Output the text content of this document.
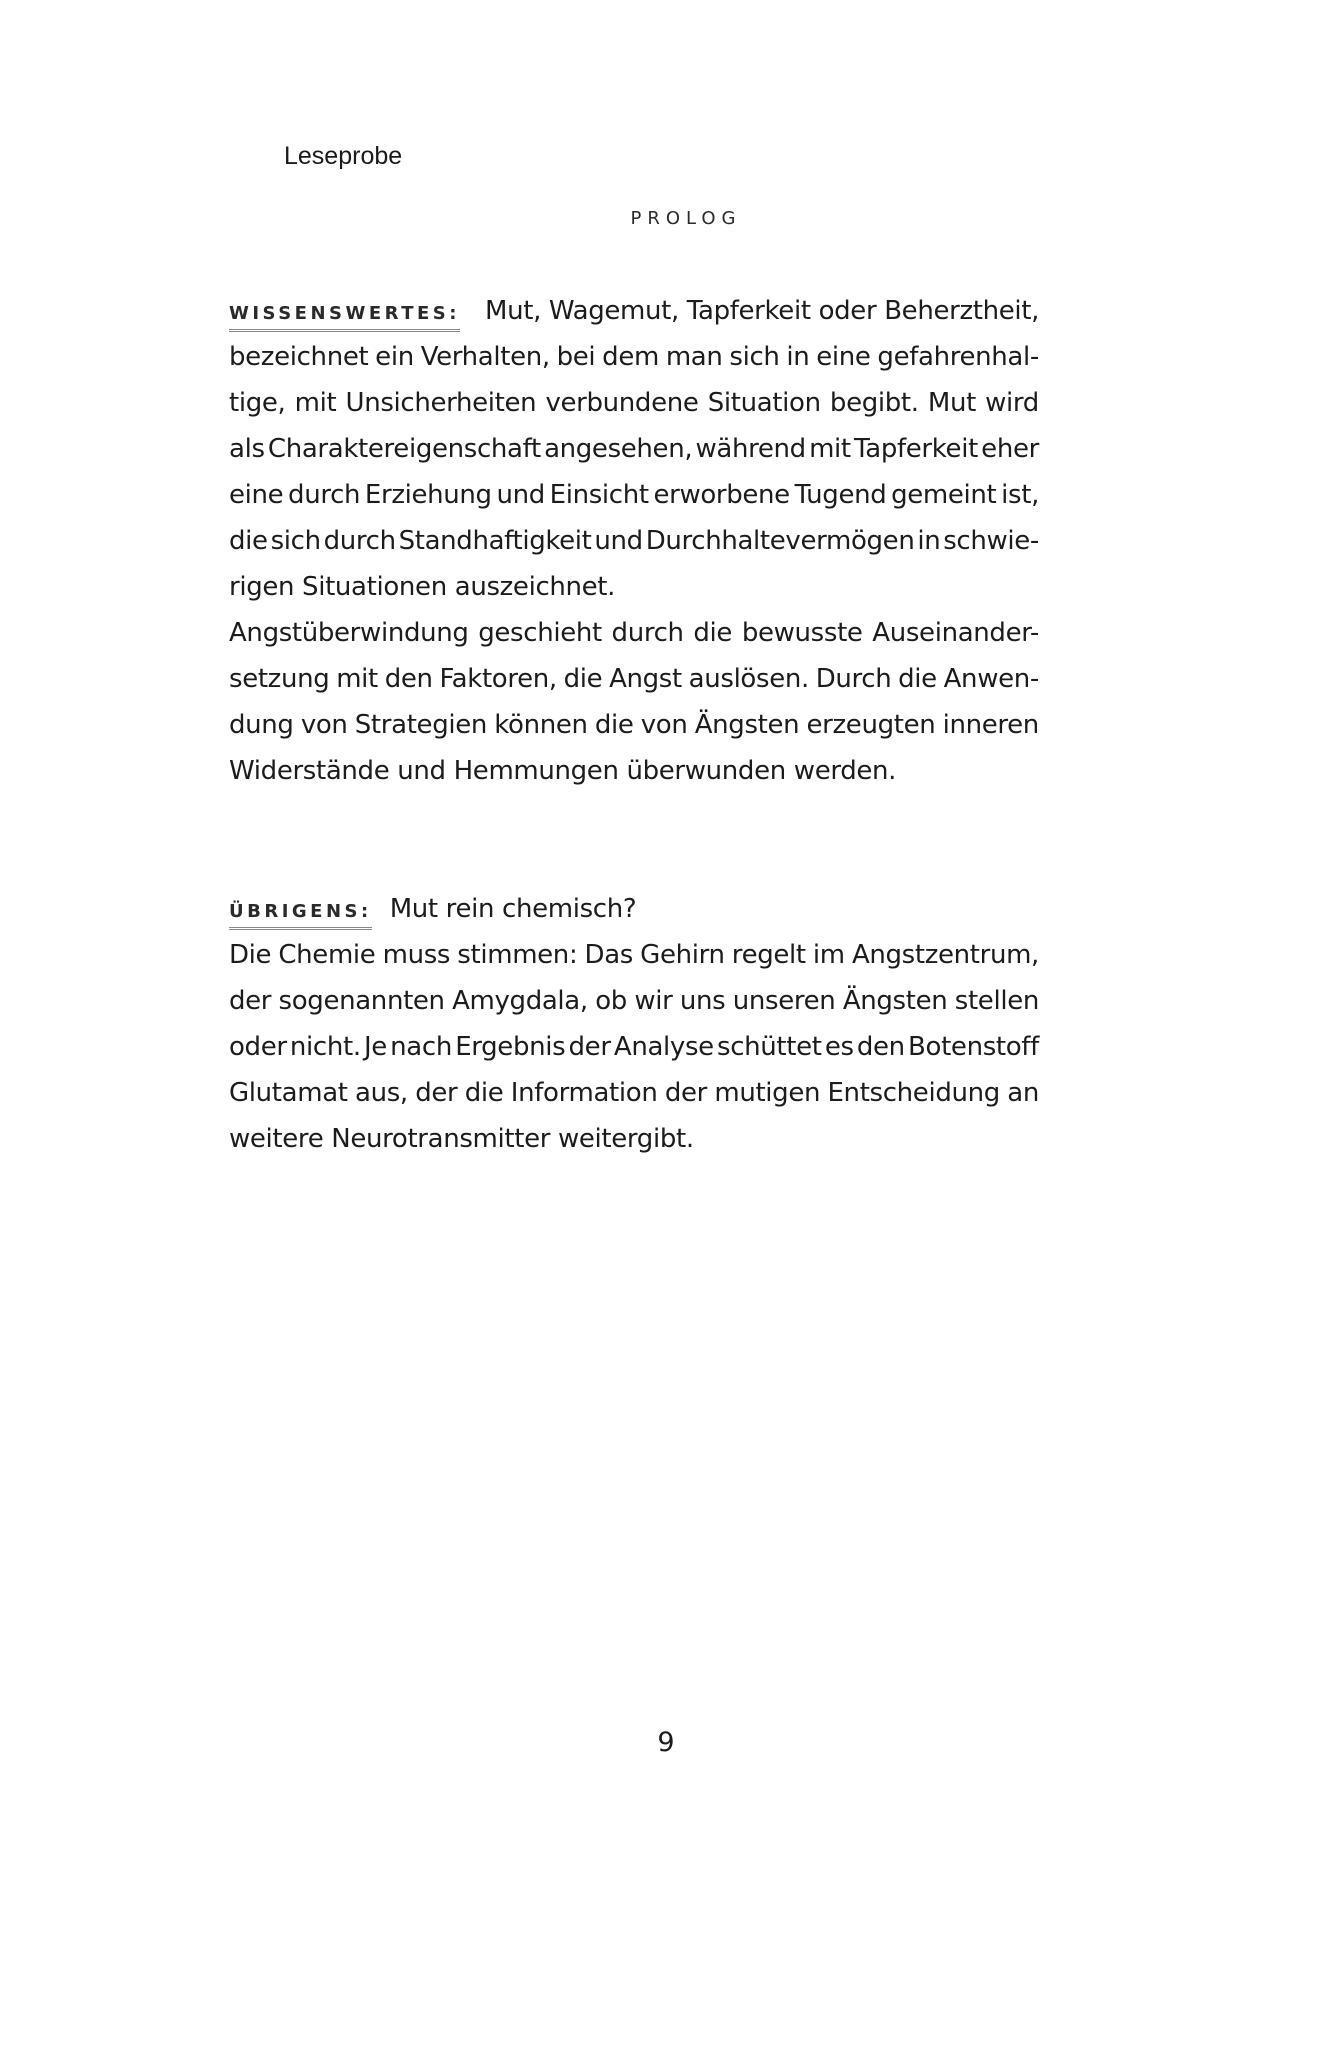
Leseprobe
PROLOG
WISSENSWERTES: Mut, Wagemut, Tapferkeit oder Beherztheit,
bezeichnet ein Verhalten, bei dem man sich in eine gefahrenhal-
tige, mit Unsicherheiten verbundene Situation begibt. Mut wird
als Charaktereigenschaft angesehen, während mit Tapferkeit eher
eine durch Erziehung und Einsicht erworbene Tugend gemeint ist,
die sich durch Standhaftigkeit und Durchhaltevermögen in schwie-
rigen Situationen auszeichnet.
Angstüberwindung geschieht durch die bewusste Auseinander-
setzung mit den Faktoren, die Angst auslösen. Durch die Anwen-
dung von Strategien können die von Ängsten erzeugten inneren
Widerstände und Hemmungen überwunden werden.
ÜBRIGENS: Mut rein chemisch?
Die Chemie muss stimmen: Das Gehirn regelt im Angstzentrum,
der sogenannten Amygdala, ob wir uns unseren Ängsten stellen
oder nicht. Je nach Ergebnis der Analyse schüttet es den Botenstoff
Glutamat aus, der die Information der mutigen Entscheidung an
weitere Neurotransmitter weitergibt.
9
